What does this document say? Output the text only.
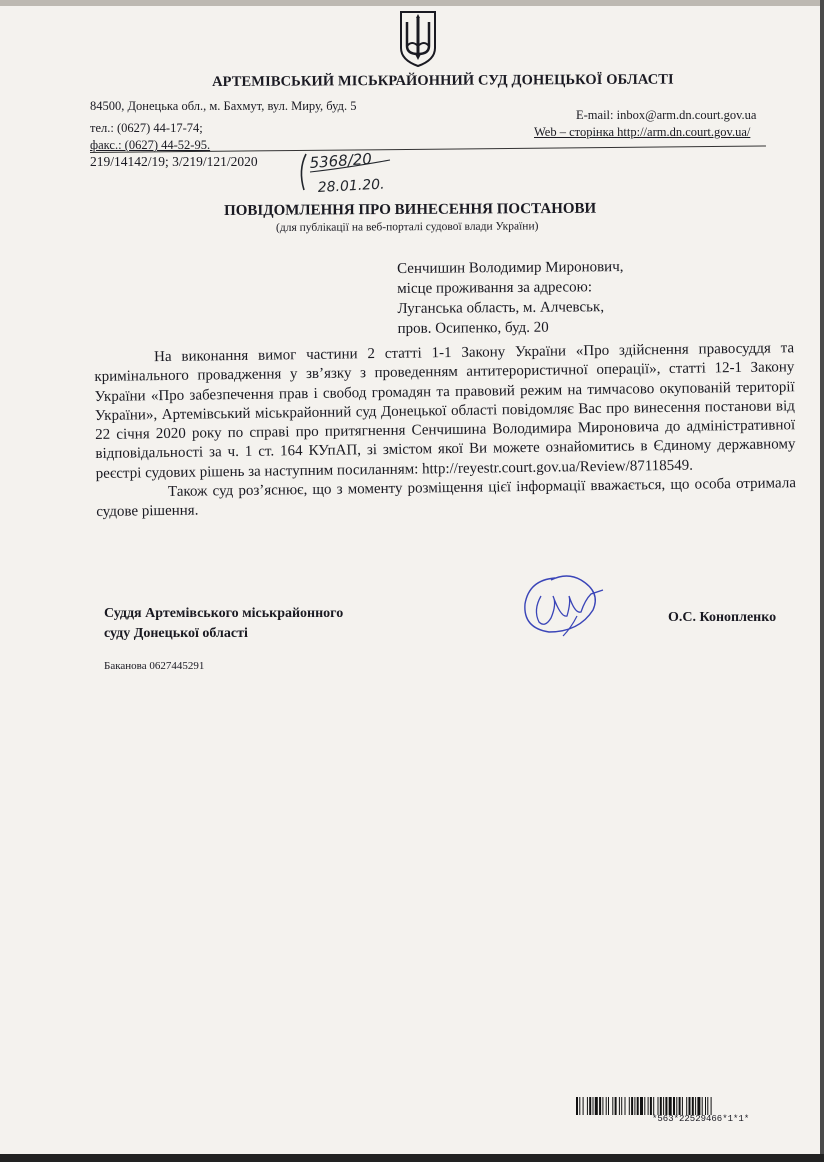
АРТЕМІВСЬКИЙ МІСЬКРАЙОННИЙ СУД ДОНЕЦЬКОЇ ОБЛАСТІ
84500, Донецька обл., м. Бахмут, вул. Миру, буд. 5
тел.: (0627) 44-17-74;
факс.: (0627) 44-52-95.
E-mail: inbox@arm.dn.court.gov.ua
Web – сторінка http://arm.dn.court.gov.ua/
219/14142/19; 3/219/121/2020	5368/20
28.01.20.
ПОВІДОМЛЕННЯ ПРО ВИНЕСЕННЯ ПОСТАНОВИ
(для публікації на веб-порталі судової влади України)
Сенчишин Володимир Миронович,
місце проживання за адресою:
Луганська область, м. Алчевськ,
пров. Осипенко, буд. 20

На виконання вимог частини 2 статті 1-1 Закону України «Про здійснення правосуддя та кримінального провадження у зв’язку з проведенням антитерористичної операції», статті 12-1 Закону України «Про забезпечення прав і свобод громадян та правовий режим на тимчасово окупованій території України», Артемівський міськрайонний суд Донецької області повідомляє Вас про винесення постанови від 22 січня 2020 року по справі про притягнення Сенчишина Володимира Мироновича до адміністративної відповідальності за ч. 1 ст. 164 КУпАП, зі змістом якої Ви можете ознайомитись в Єдиному державному реєстрі судових рішень за наступним посиланням: http://reyestr.court.gov.ua/Review/87118549.

Також суд роз’яснює, що з моменту розміщення цієї інформації вважається, що особа отримала судове рішення.

Суддя Артемівського міськрайонного
суду Донецької області
О.С. Конопленко
Баканова 0627445291
*563*22529466*1*1*
